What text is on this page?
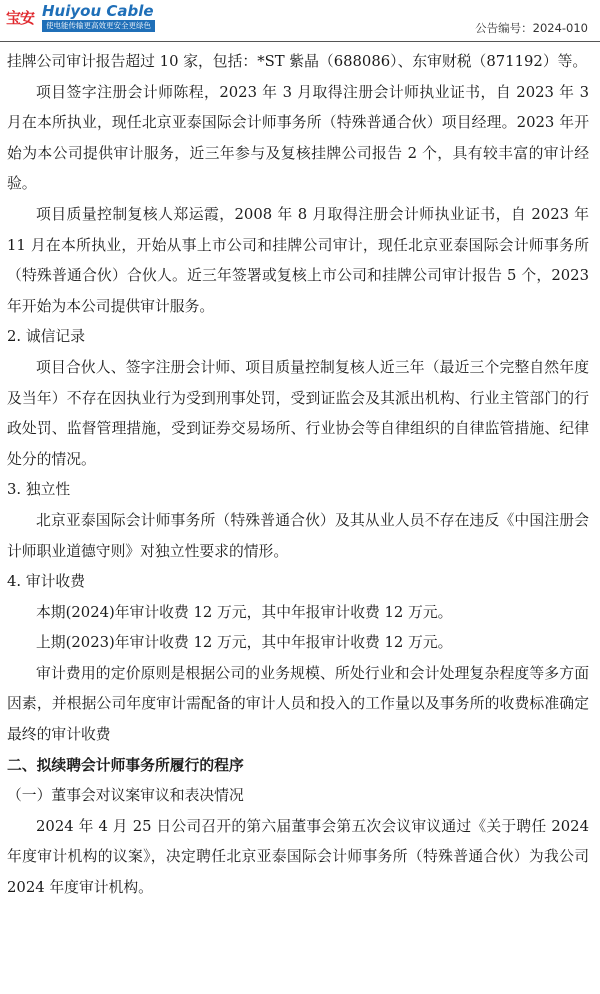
宝安 Huiyou Cable
使电能传输更高效更安全更绿色	公告编号：2024-010

挂牌公司审计报告超过 10 家，包括：*ST 紫晶（688086）、东审财税（871192）等。

项目签字注册会计师陈程，2023 年 3 月取得注册会计师执业证书，自 2023 年 3 月在本所执业，现任北京亚泰国际会计师事务所（特殊普通合伙）项目经理。2023 年开始为本公司提供审计服务，近三年参与及复核挂牌公司报告 2 个，具有较丰富的审计经验。

项目质量控制复核人郑运霞，2008 年 8 月取得注册会计师执业证书，自 2023 年 11 月在本所执业，开始从事上市公司和挂牌公司审计，现任北京亚泰国际会计师事务所（特殊普通合伙）合伙人。近三年签署或复核上市公司和挂牌公司审计报告 5 个，2023 年开始为本公司提供审计服务。

2. 诚信记录

项目合伙人、签字注册会计师、项目质量控制复核人近三年（最近三个完整自然年度及当年）不存在因执业行为受到刑事处罚，受到证监会及其派出机构、行业主管部门的行政处罚、监督管理措施，受到证券交易场所、行业协会等自律组织的自律监管措施、纪律处分的情况。

3. 独立性

北京亚泰国际会计师事务所（特殊普通合伙）及其从业人员不存在违反《中国注册会计师职业道德守则》对独立性要求的情形。

4. 审计收费

本期(2024)年审计收费 12 万元，其中年报审计收费 12 万元。

上期(2023)年审计收费 12 万元，其中年报审计收费 12 万元。

审计费用的定价原则是根据公司的业务规模、所处行业和会计处理复杂程度等多方面因素，并根据公司年度审计需配备的审计人员和投入的工作量以及事务所的收费标准确定最终的审计收费

二、拟续聘会计师事务所履行的程序

（一）董事会对议案审议和表决情况

2024 年 4 月 25 日公司召开的第六届董事会第五次会议审议通过《关于聘任 2024 年度审计机构的议案》，决定聘任北京亚泰国际会计师事务所（特殊普通合伙）为我公司 2024 年度审计机构。
